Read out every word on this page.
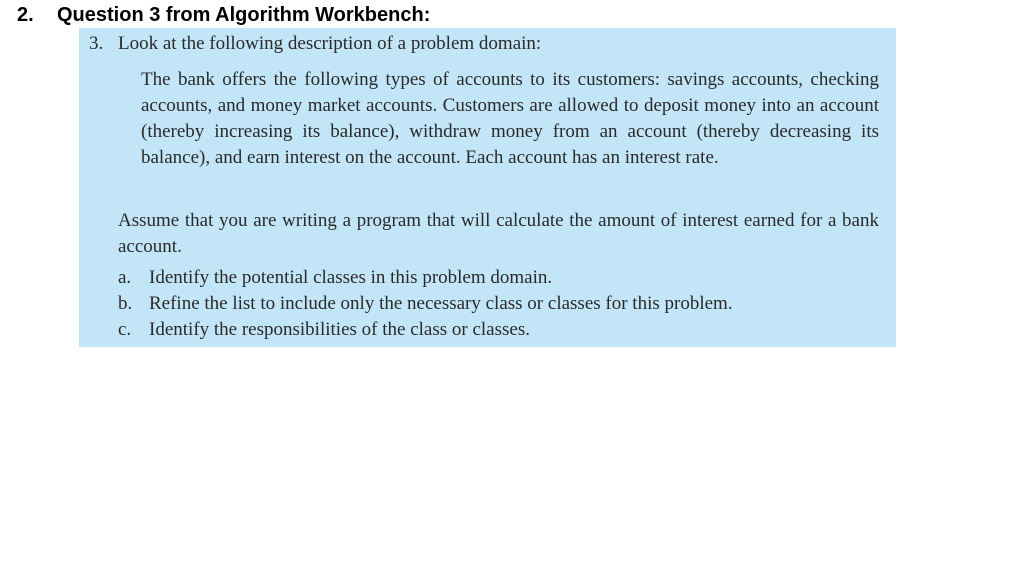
2. Question 3 from Algorithm Workbench:
3. Look at the following description of a problem domain:

The bank offers the following types of accounts to its customers: savings accounts, checking accounts, and money market accounts. Customers are allowed to deposit money into an account (thereby increasing its balance), withdraw money from an account (thereby decreasing its balance), and earn interest on the account. Each account has an interest rate.

Assume that you are writing a program that will calculate the amount of interest earned for a bank account.

a. Identify the potential classes in this problem domain.
b. Refine the list to include only the necessary class or classes for this problem.
c. Identify the responsibilities of the class or classes.
